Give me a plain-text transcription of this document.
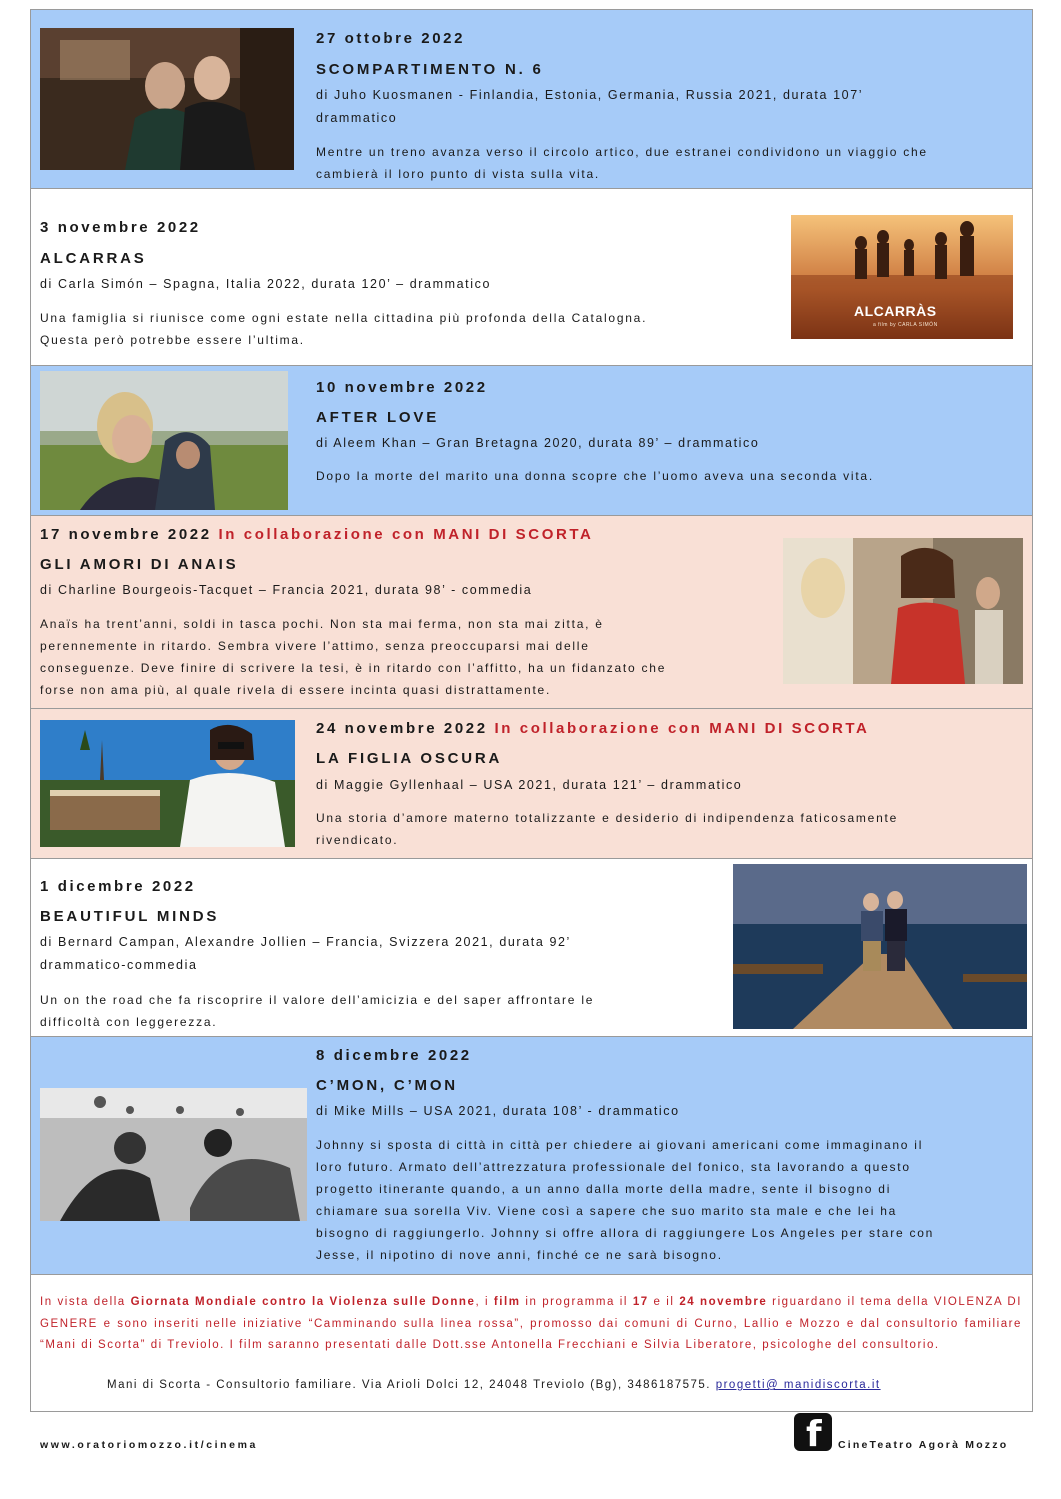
27 ottobre 2022
SCOMPARTIMENTO N. 6
di Juho Kuosmanen - Finlandia, Estonia, Germania, Russia 2021, durata 107’
drammatico
Mentre un treno avanza verso il circolo artico, due estranei condividono un viaggio che
cambierà il loro punto di vista sulla vita.
3 novembre 2022
ALCARRAS
di Carla Simón – Spagna, Italia 2022, durata 120’ – drammatico
Una famiglia si riunisce come ogni estate nella cittadina più profonda della Catalogna.
Questa però potrebbe essere l’ultima.
ALCARRÀS
a film by CARLA SIMÓN
10 novembre 2022
AFTER LOVE
di Aleem Khan – Gran Bretagna 2020, durata 89’ – drammatico
Dopo la morte del marito una donna scopre che l’uomo aveva una seconda vita.
17 novembre 2022 In collaborazione con MANI DI SCORTA
GLI AMORI DI ANAIS
di Charline Bourgeois-Tacquet – Francia 2021, durata 98’ - commedia
Anaïs ha trent’anni, soldi in tasca pochi. Non sta mai ferma, non sta mai zitta, è
perennemente in ritardo. Sembra vivere l’attimo, senza preoccuparsi mai delle
conseguenze. Deve finire di scrivere la tesi, è in ritardo con l’affitto, ha un fidanzato che
forse non ama più, al quale rivela di essere incinta quasi distrattamente.
24 novembre 2022 In collaborazione con MANI DI SCORTA
LA FIGLIA OSCURA
di Maggie Gyllenhaal – USA 2021, durata 121’ – drammatico
Una storia d’amore materno totalizzante e desiderio di indipendenza faticosamente
rivendicato.
1 dicembre 2022
BEAUTIFUL MINDS
di Bernard Campan, Alexandre Jollien – Francia, Svizzera 2021, durata 92’
drammatico-commedia
Un on the road che fa riscoprire il valore dell’amicizia e del saper affrontare le
difficoltà con leggerezza.
8 dicembre 2022
C’MON, C’MON
di Mike Mills – USA 2021, durata 108’ - drammatico
Johnny si sposta di città in città per chiedere ai giovani americani come immaginano il
loro futuro. Armato dell’attrezzatura professionale del fonico, sta lavorando a questo
progetto itinerante quando, a un anno dalla morte della madre, sente il bisogno di
chiamare sua sorella Viv. Viene così a sapere che suo marito sta male e che lei ha
bisogno di raggiungerlo. Johnny si offre allora di raggiungere Los Angeles per stare con
Jesse, il nipotino di nove anni, finché ce ne sarà bisogno.
In vista della Giornata Mondiale contro la Violenza sulle Donne, i film in programma il 17 e il 24 novembre riguardano il tema della VIOLENZA DI GENERE e sono inseriti nelle iniziative “Camminando sulla linea rossa”, promosso dai comuni di Curno, Lallio e Mozzo e dal consultorio familiare “Mani di Scorta” di Treviolo. I film saranno presentati dalle Dott.sse Antonella Frecchiani e Silvia Liberatore, psicologhe del consultorio.
Mani di Scorta - Consultorio familiare. Via Arioli Dolci 12, 24048 Treviolo (Bg), 3486187575. progetti@ manidiscorta.it
www.oratoriomozzo.it/cinema	f CineTeatro Agorà Mozzo
